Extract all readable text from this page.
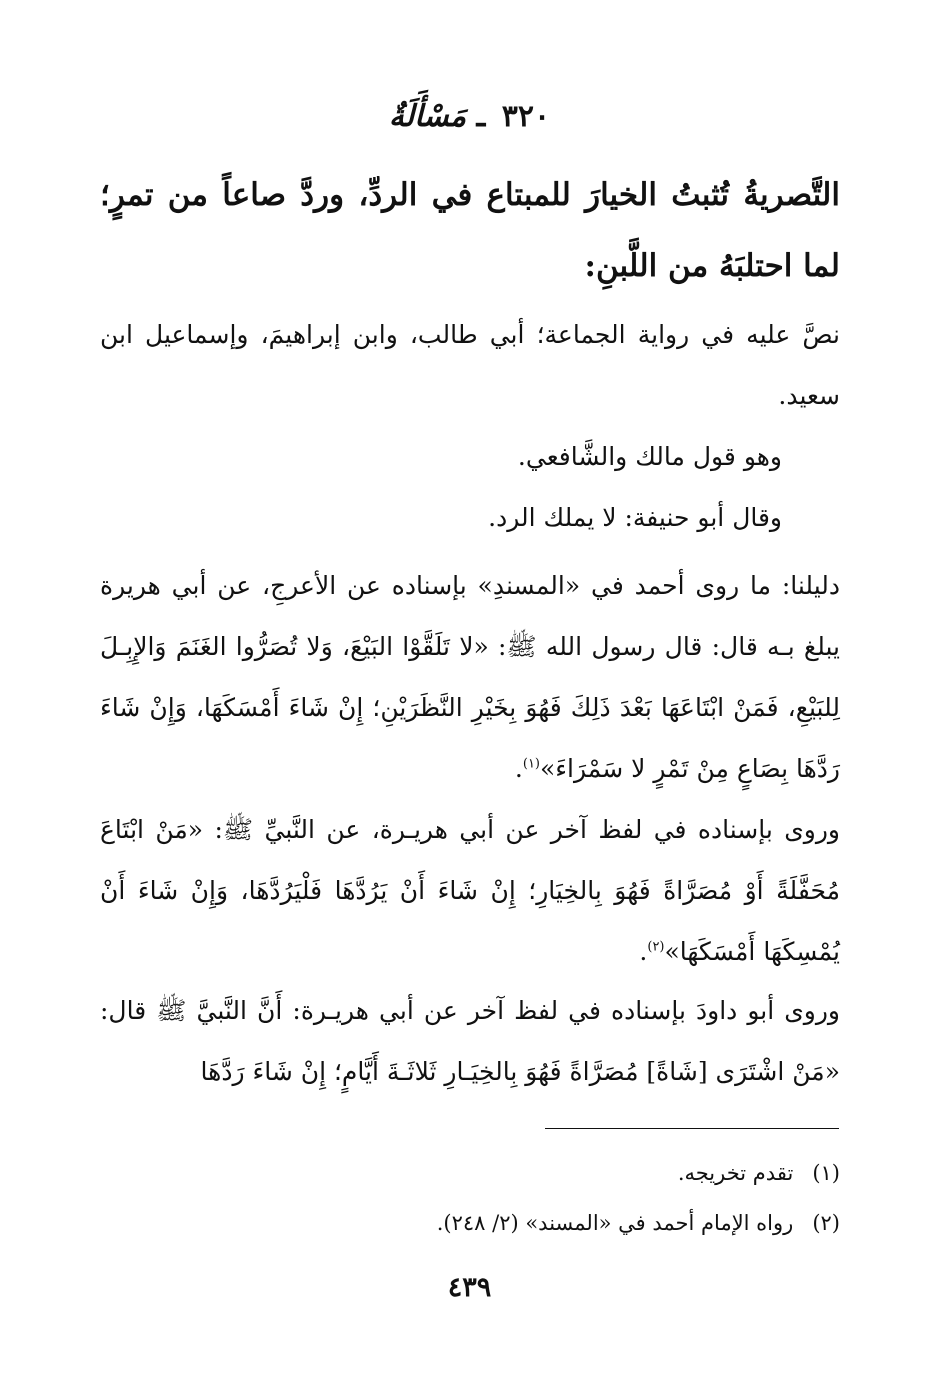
٣٢٠ ـ مَسْأَلَةٌ
التَّصريةُ تُثبتُ الخيارَ للمبتاع في الردِّ، وردَّ صاعاً من تمرٍ؛ لما احتلبَهُ من اللَّبنِ:
نصَّ عليه في رواية الجماعة؛ أبي طالب، وابن إبراهيمَ، وإسماعيل ابن سعيد.
وهو قول مالك والشَّافعي.
وقال أبو حنيفة: لا يملك الرد.
دليلنا: ما روى أحمد في «المسندِ» بإسناده عن الأعرجِ، عن أبي هريرة يبلغ بـه قال: قال رسول الله ﷺ: «لا تَلَقَّوْا البَيْعَ، وَلا تُصَرُّوا الغَنَمَ وَالإِبِـلَ لِلبَيْعِ، فَمَنْ ابْتَاعَهَا بَعْدَ ذَلِكَ فَهُوَ بِخَيْرِ النَّظَرَيْنِ؛ إِنْ شَاءَ أَمْسَكَهَا، وَإِنْ شَاءَ رَدَّهَا بِصَاعٍ مِنْ تَمْرٍ لا سَمْرَاءَ»$^{(١)}$.
وروى بإسناده في لفظ آخر عن أبي هريـرة، عن النَّبيِّ ﷺ: «مَنْ ابْتَاعَ مُحَفَّلَةً أَوْ مُصَرَّاةً فَهُوَ بِالخِيَارِ؛ إِنْ شَاءَ أَنْ يَرُدَّهَا فَلْيَرُدَّهَا، وَإِنْ شَاءَ أَنْ يُمْسِكَهَا أَمْسَكَهَا»$^{(٢)}$.
وروى أبو داودَ بإسناده في لفظ آخر عن أبي هريـرة: أَنَّ النَّبيَّ ﷺ قال: «مَنْ اشْتَرَى [شَاةً] مُصَرَّاةً فَهُوَ بِالخِيَـارِ ثَلاثَـةَ أَيَّامٍ؛ إِنْ شَاءَ رَدَّهَا
(١) تقدم تخريجه.
(٢) رواه الإمام أحمد في «المسند» (٢/ ٢٤٨).
٤٣٩
